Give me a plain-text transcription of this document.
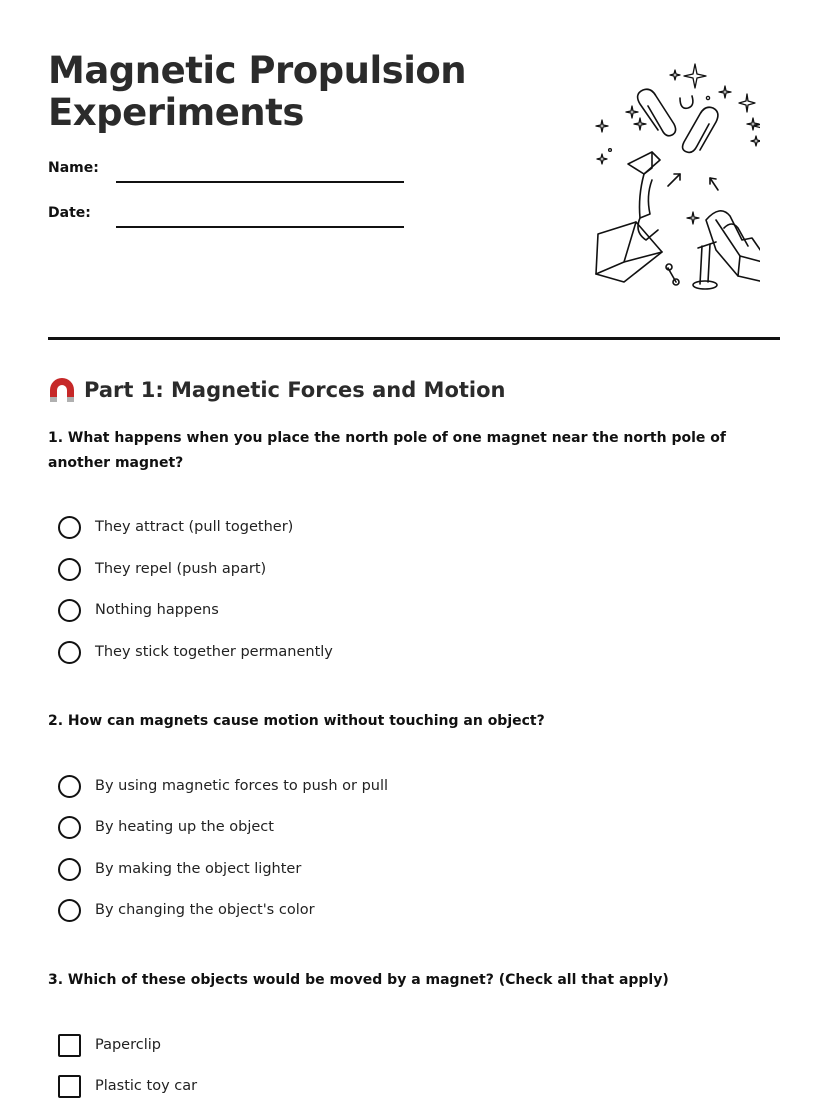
Magnetic Propulsion
Experiments
Name:
Date:
Part 1: Magnetic Forces and Motion

1. What happens when you place the north pole of one magnet near the north pole of another magnet?

They attract (pull together)
They repel (push apart)
Nothing happens
They stick together permanently

2. How can magnets cause motion without touching an object?

By using magnetic forces to push or pull
By heating up the object
By making the object lighter
By changing the object's color

3. Which of these objects would be moved by a magnet? (Check all that apply)

Paperclip
Plastic toy car
